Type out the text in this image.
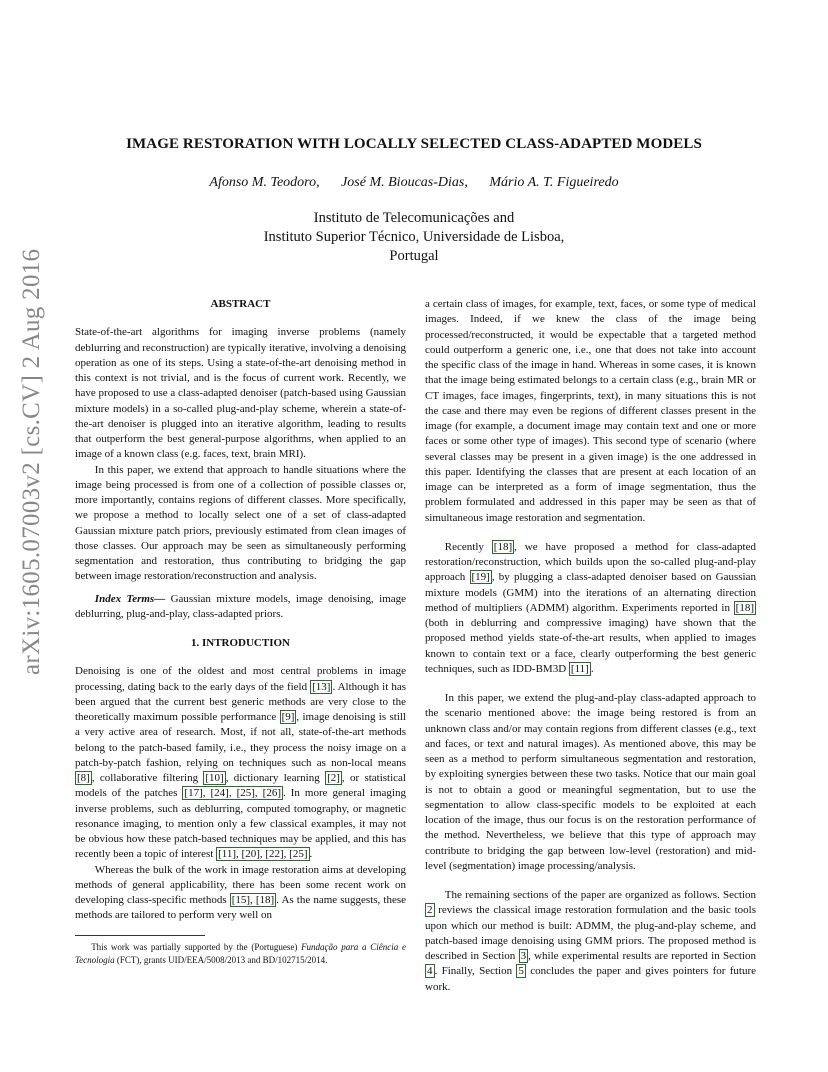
IMAGE RESTORATION WITH LOCALLY SELECTED CLASS-ADAPTED MODELS
Afonso M. Teodoro, José M. Bioucas-Dias, Mário A. T. Figueiredo
Instituto de Telecomunicações and
Instituto Superior Técnico, Universidade de Lisboa,
Portugal
arXiv:1605.07003v2 [cs.CV] 2 Aug 2016	ABSTRACT

State-of-the-art algorithms for imaging inverse problems (namely deblurring and reconstruction) are typically iterative, involving a denoising operation as one of its steps. Using a state-of-the-art denoising method in this context is not trivial, and is the focus of current work. Recently, we have proposed to use a class-adapted denoiser (patch-based using Gaussian mixture models) in a so-called plug-and-play scheme, wherein a state-of-the-art denoiser is plugged into an iterative algorithm, leading to results that outperform the best general-purpose algorithms, when applied to an image of a known class (e.g. faces, text, brain MRI).

In this paper, we extend that approach to handle situations where the image being processed is from one of a collection of possible classes or, more importantly, contains regions of different classes. More specifically, we propose a method to locally select one of a set of class-adapted Gaussian mixture patch priors, previously estimated from clean images of those classes. Our approach may be seen as simultaneously performing segmentation and restoration, thus contributing to bridging the gap between image restoration/reconstruction and analysis.

Index Terms— Gaussian mixture models, image denoising, image deblurring, plug-and-play, class-adapted priors.

1. INTRODUCTION

Denoising is one of the oldest and most central problems in image processing, dating back to the early days of the field [13] . Although it has been argued that the current best generic methods are very close to the theoretically maximum possible performance [9] , image denoising is still a very active area of research. Most, if not all, state-of-the-art methods belong to the patch-based family, i.e., they process the noisy image on a patch-by-patch fashion, relying on techniques such as non-local means [8] , collaborative filtering [10] , dictionary learning [2] , or statistical models of the patches [17], [24], [25], [26] . In more general imaging inverse problems, such as deblurring, computed tomography, or magnetic resonance imaging, to mention only a few classical examples, it may not be obvious how these patch-based techniques may be applied, and this has recently been a topic of interest [11], [20], [22], [25] .

Whereas the bulk of the work in image restoration aims at developing methods of general applicability, there has been some recent work on developing class-specific methods [15], [18] . As the name suggests, these methods are tailored to perform very well on

This work was partially supported by the (Portuguese) Fundação para a Ciência e Tecnologia (FCT), grants UID/EEA/5008/2013 and BD/102715/2014.

a certain class of images, for example, text, faces, or some type of medical images. Indeed, if we knew the class of the image being processed/reconstructed, it would be expectable that a targeted method could outperform a generic one, i.e., one that does not take into account the specific class of the image in hand. Whereas in some cases, it is known that the image being estimated belongs to a certain class (e.g., brain MR or CT images, face images, fingerprints, text), in many situations this is not the case and there may even be regions of different classes present in the image (for example, a document image may contain text and one or more faces or some other type of images). This second type of scenario (where several classes may be present in a given image) is the one addressed in this paper. Identifying the classes that are present at each location of an image can be interpreted as a form of image segmentation, thus the problem formulated and addressed in this paper may be seen as that of simultaneous image restoration and segmentation.

Recently [18] , we have proposed a method for class-adapted restoration/reconstruction, which builds upon the so-called plug-and-play approach [19] , by plugging a class-adapted denoiser based on Gaussian mixture models (GMM) into the iterations of an alternating direction method of multipliers (ADMM) algorithm. Experiments reported in [18] (both in deblurring and compressive imaging) have shown that the proposed method yields state-of-the-art results, when applied to images known to contain text or a face, clearly outperforming the best generic techniques, such as IDD-BM3D [11] .

In this paper, we extend the plug-and-play class-adapted approach to the scenario mentioned above: the image being restored is from an unknown class and/or may contain regions from different classes (e.g., text and faces, or text and natural images). As mentioned above, this may be seen as a method to perform simultaneous segmentation and restoration, by exploiting synergies between these two tasks. Notice that our main goal is not to obtain a good or meaningful segmentation, but to use the segmentation to allow class-specific models to be exploited at each location of the image, thus our focus is on the restoration performance of the method. Nevertheless, we believe that this type of approach may contribute to bridging the gap between low-level (restoration) and mid-level (segmentation) image processing/analysis.

The remaining sections of the paper are organized as follows. Section 2 reviews the classical image restoration formulation and the basic tools upon which our method is built: ADMM, the plug-and-play scheme, and patch-based image denoising using GMM priors. The proposed method is described in Section 3 , while experimental results are reported in Section 4 . Finally, Section 5 concludes the paper and gives pointers for future work.
